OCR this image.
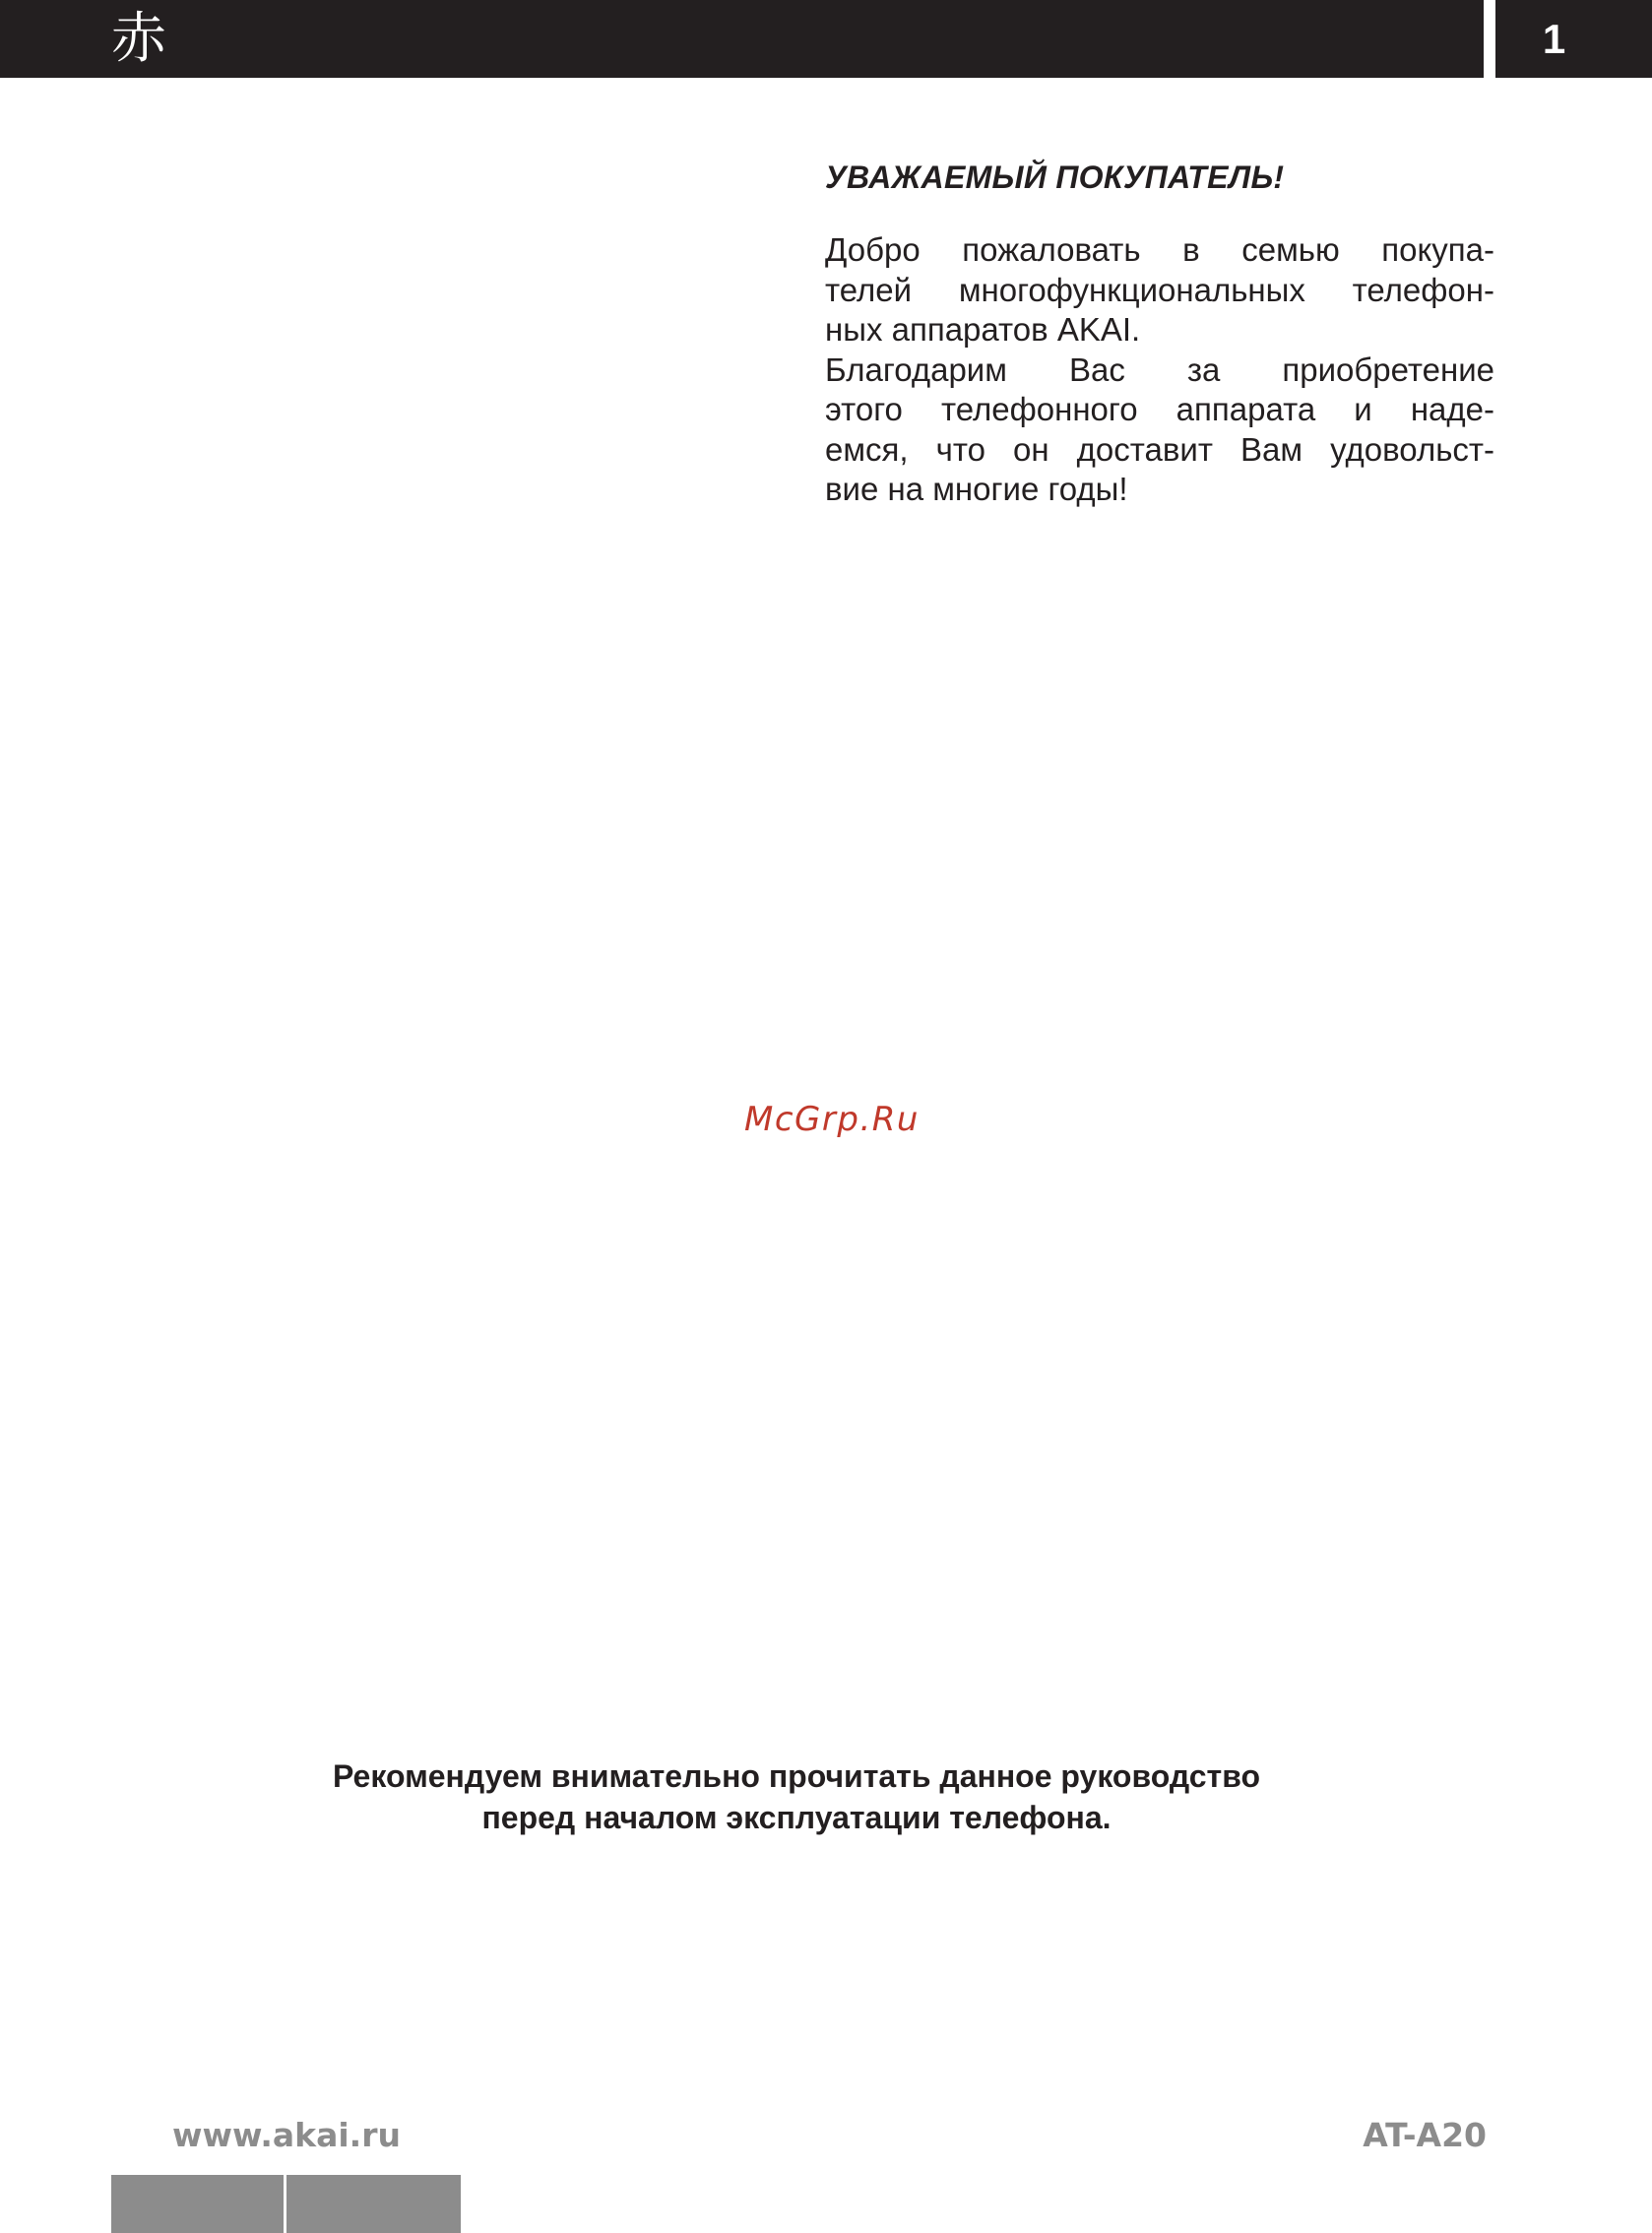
赤	1
УВАЖАЕМЫЙ ПОКУПАТЕЛЬ!
Добро пожаловать в семью покупа-
телей многофункциональных телефон-
ных аппаратов AKAI.
Благодарим Вас за приобретение
этого телефонного аппарата и наде-
емся, что он доставит Вам удовольст-
вие на многие годы!
McGrp.Ru
Рекомендуем внимательно прочитать данное руководство
перед началом эксплуатации телефона.
www.akai.ru	AT-A20
